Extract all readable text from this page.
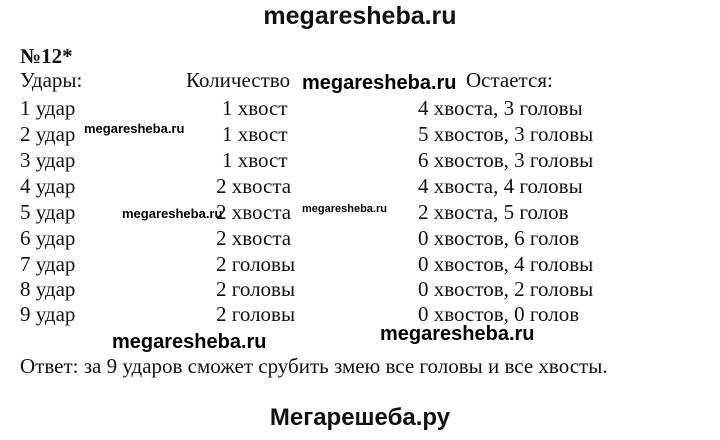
megaresheba.ru
№12*
Удары:	Количество	Остается:
1 удар	1 хвост	4 хвоста, 3 головы
2 удар	1 хвост	5 хвостов, 3 головы
3 удар	1 хвост	6 хвостов, 3 головы
4 удар	2 хвоста	4 хвоста, 4 головы
5 удар	2 хвоста	2 хвоста, 5 голов
6 удар	2 хвоста	0 хвостов, 6 голов
7 удар	2 головы	0 хвостов, 4 головы
8 удар	2 головы	0 хвостов, 2 головы
9 удар	2 головы	0 хвостов, 0 голов
Ответ: за 9 ударов сможет срубить змею все головы и все хвосты.
megaresheba.ru
megaresheba.ru
megaresheba.ru	megaresheba.ru
megaresheba.ru	megaresheba.ru
Мегарешеба.ру
